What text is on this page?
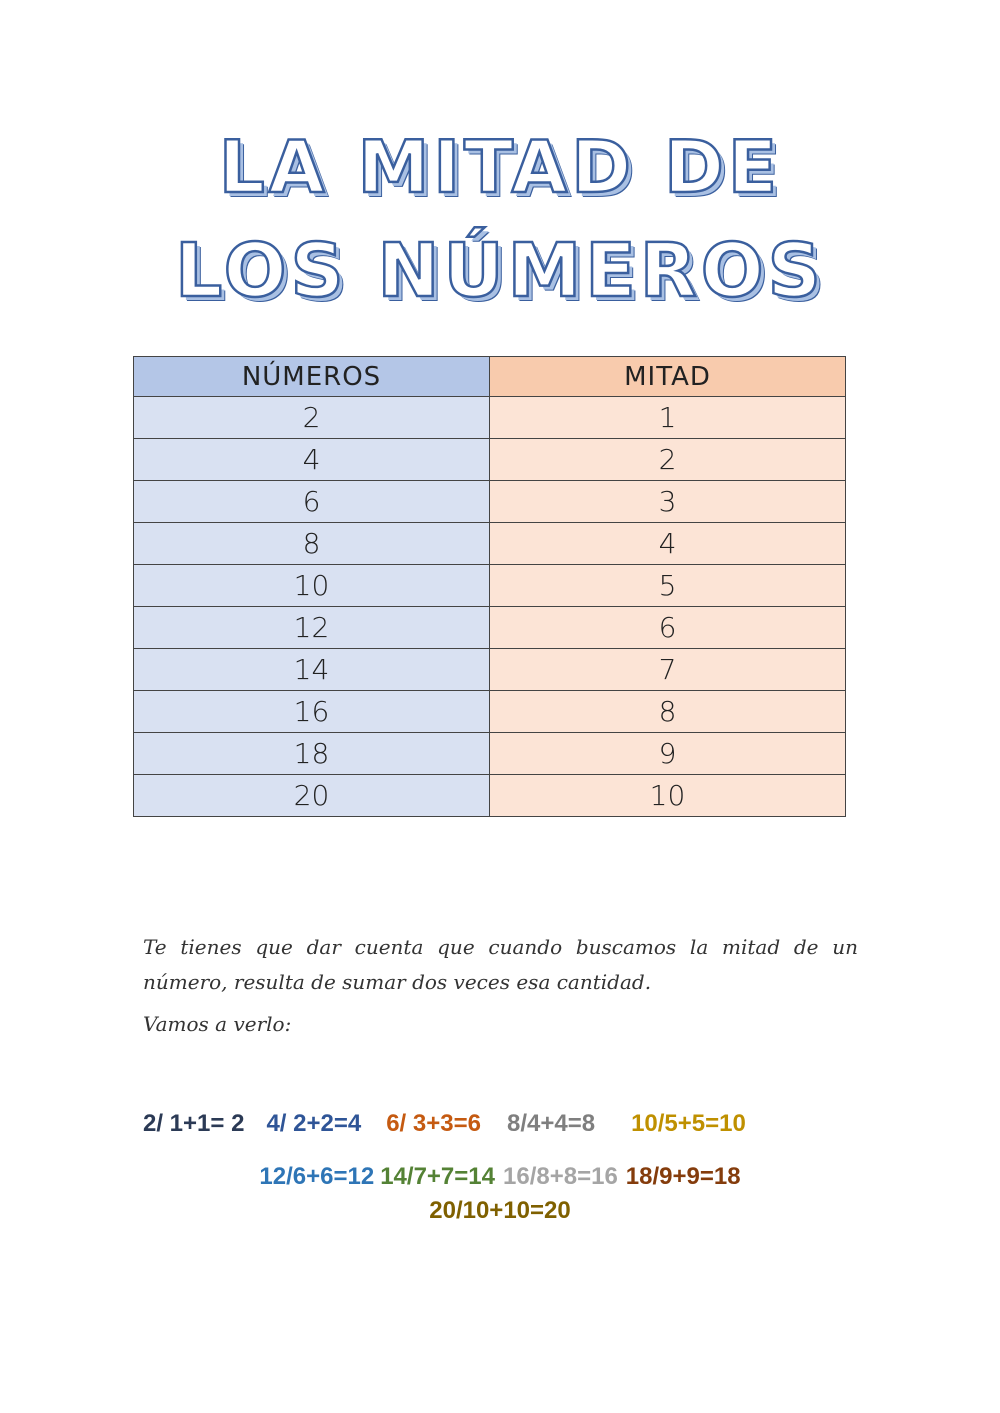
LA MITAD DE
LOS NÚMEROS
NÚMEROS	MITAD
2	1
4	2
6	3
8	4
10	5
12	6
14	7
16	8
18	9
20	10
Te tienes que dar cuenta que cuando buscamos la mitad de un número, resulta de sumar dos veces esa cantidad.
Vamos a verlo:
2/ 1+1= 2 4/ 2+2=4 6/ 3+3=6 8/4+4=8 10/5+5=10
12/6+6=12 14/7+7=14 16/8+8=16 18/9+9=18
20/10+10=20
